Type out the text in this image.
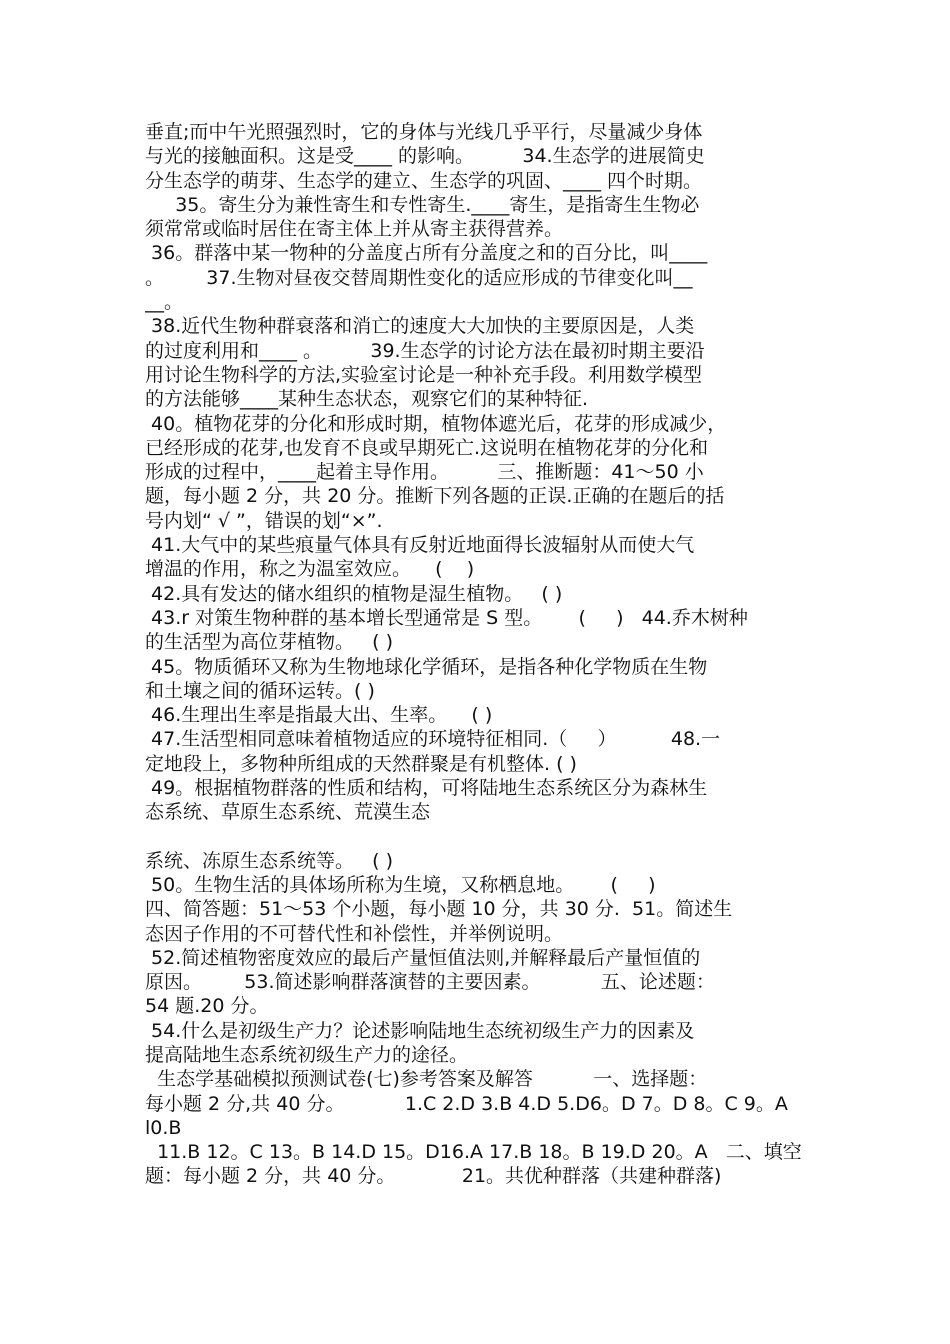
垂直;而中午光照强烈时，它的身体与光线几乎平行，尽量减少身体
与光的接触面积。这是受____ 的影响。        34.生态学的进展简史
分生态学的萌芽、生态学的建立、生态学的巩固、____ 四个时期。
35。寄生分为兼性寄生和专性寄生.____寄生，是指寄生生物必
须常常或临时居住在寄主体上并从寄主获得营养。
36。群落中某一物种的分盖度占所有分盖度之和的百分比，叫____
。       37.生物对昼夜交替周期性变化的适应形成的节律变化叫__
__。
38.近代生物种群衰落和消亡的速度大大加快的主要原因是，人类
的过度利用和____ 。        39.生态学的讨论方法在最初时期主要沿
用讨论生物科学的方法,实验室讨论是一种补充手段。利用数学模型
的方法能够____某种生态状态，观察它们的某种特征.
40。植物花芽的分化和形成时期，植物体遮光后，花芽的形成减少，
已经形成的花芽,也发育不良或早期死亡.这说明在植物花芽的分化和
形成的过程中，____起着主导作用。        三、推断题：41～50 小
题，每小题 2 分，共 20 分。推断下列各题的正误.正确的在题后的括
号内划“ √ ”，错误的划“×”.
41.大气中的某些痕量气体具有反射近地面得长波辐射从而使大气
增温的作用，称之为温室效应。    (    )
42.具有发达的储水组织的植物是湿生植物。   ( )
43.r 对策生物种群的基本增长型通常是 S 型。      (     )   44.乔木树种
的生活型为高位芽植物。   ( )
45。物质循环又称为生物地球化学循环，是指各种化学物质在生物
和土壤之间的循环运转。( )
46.生理出生率是指最大出、生率。    ( )
47.生活型相同意味着植物适应的环境特征相同.（     ）         48.一
定地段上，多物种所组成的天然群聚是有机整体. ( )
49。根据植物群落的性质和结构，可将陆地生态系统区分为森林生
态系统、草原生态系统、荒漠生态
系统、冻原生态系统等。   ( )
50。生物生活的具体场所称为生境，又称栖息地。      (     )
四、简答题：51～53 个小题，每小题 10 分，共 30 分.  51。简述生
态因子作用的不可替代性和补偿性，并举例说明。
52.简述植物密度效应的最后产量恒值法则,并解释最后产量恒值的
原因。       53.简述影响群落演替的主要因素。          五、论述题：
54 题.20 分。
54.什么是初级生产力？论述影响陆地生态统初级生产力的因素及
提高陆地生态系统初级生产力的途径。
生态学基础模拟预测试卷(七)参考答案及解答          一、选择题：
每小题 2 分,共 40 分。          1.C 2.D 3.B 4.D 5.D6。D 7。D 8。C 9。A
l0.B
11.B 12。C 13。B 14.D 15。D16.A 17.B 18。B 19.D 20。A   二、填空
题：每小题 2 分，共 40 分。           21。共优种群落（共建种群落)
